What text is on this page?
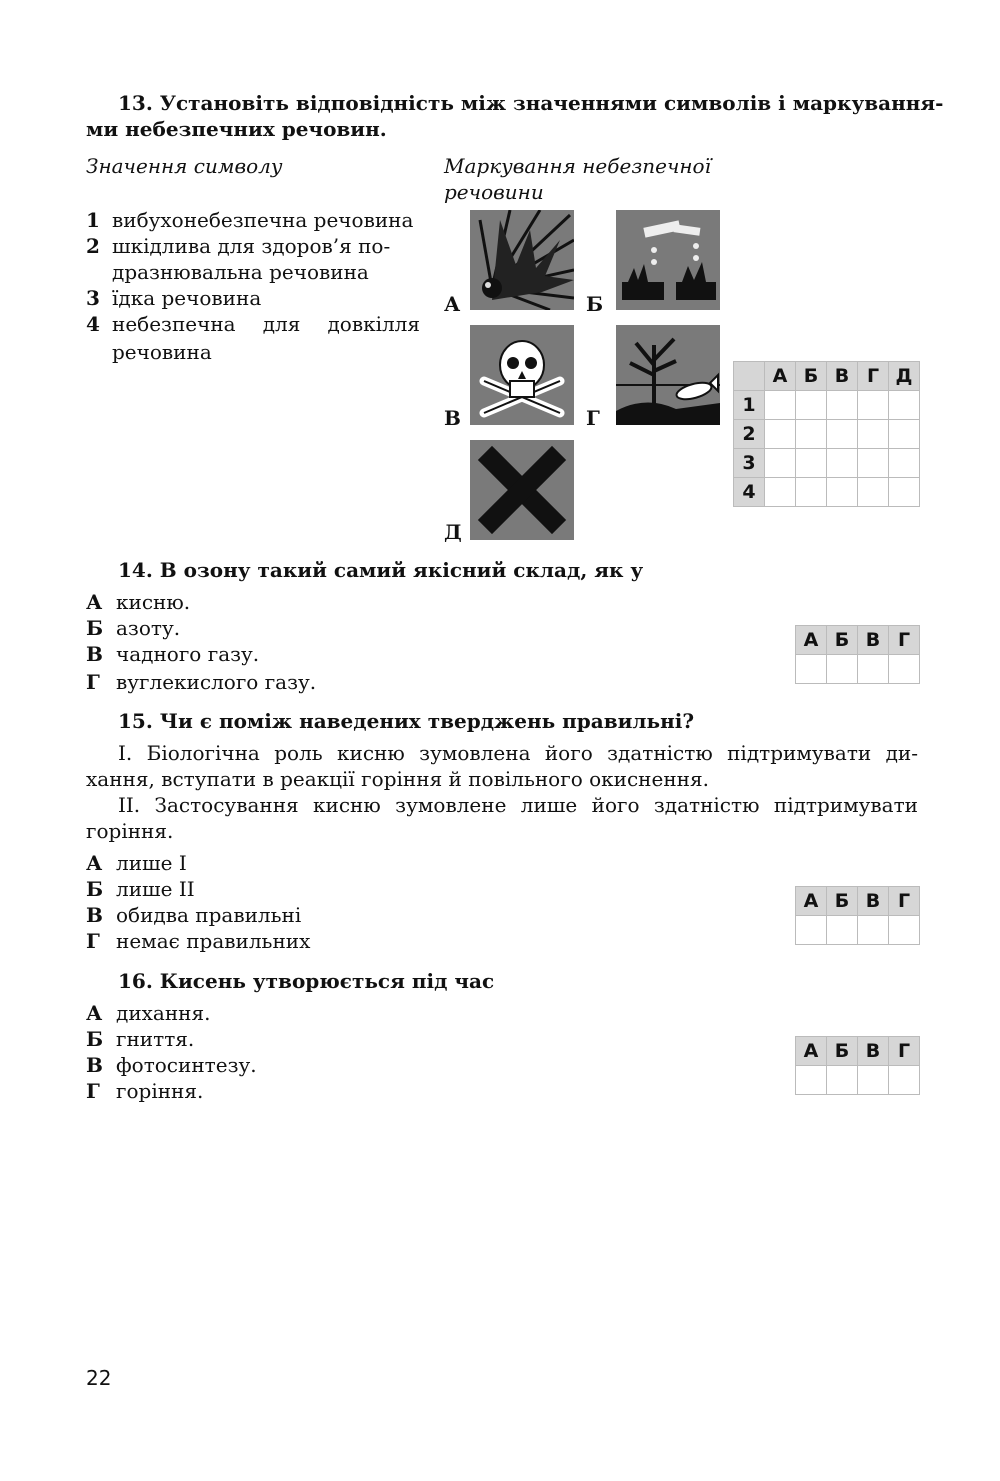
13. Установіть відповідність між значеннями символів і маркування-
ми небезпечних речовин.
Значення символу	Маркування небезпечної
речовини
1 вибухонебезпечна речовина
2 шкідлива для здоров’я по-
дразнювальна речовина
3 їдка речовина
4 небезпечна для довкілля
речовина
А	Б
В	Г
Д
	А	Б	В	Г	Д
1					
2					
3					
4					
14. В озону такий самий якісний склад, як у
А кисню.
Б азоту.
В чадного газу.
Г вуглекислого газу.
А	Б	В	Г

15. Чи є поміж наведених тверджень правильні?
І. Біологічна роль кисню зумовлена його здатністю підтримувати ди-
хання, вступати в реакції горіння й повільного окиснення.
ІІ. Застосування кисню зумовлене лише його здатністю підтримувати
горіння.
А лише І
Б лише ІІ
В обидва правильні
Г немає правильних
А	Б	В	Г

16. Кисень утворюється під час
А дихання.
Б гниття.
В фотосинтезу.
Г горіння.
А	Б	В	Г

22
